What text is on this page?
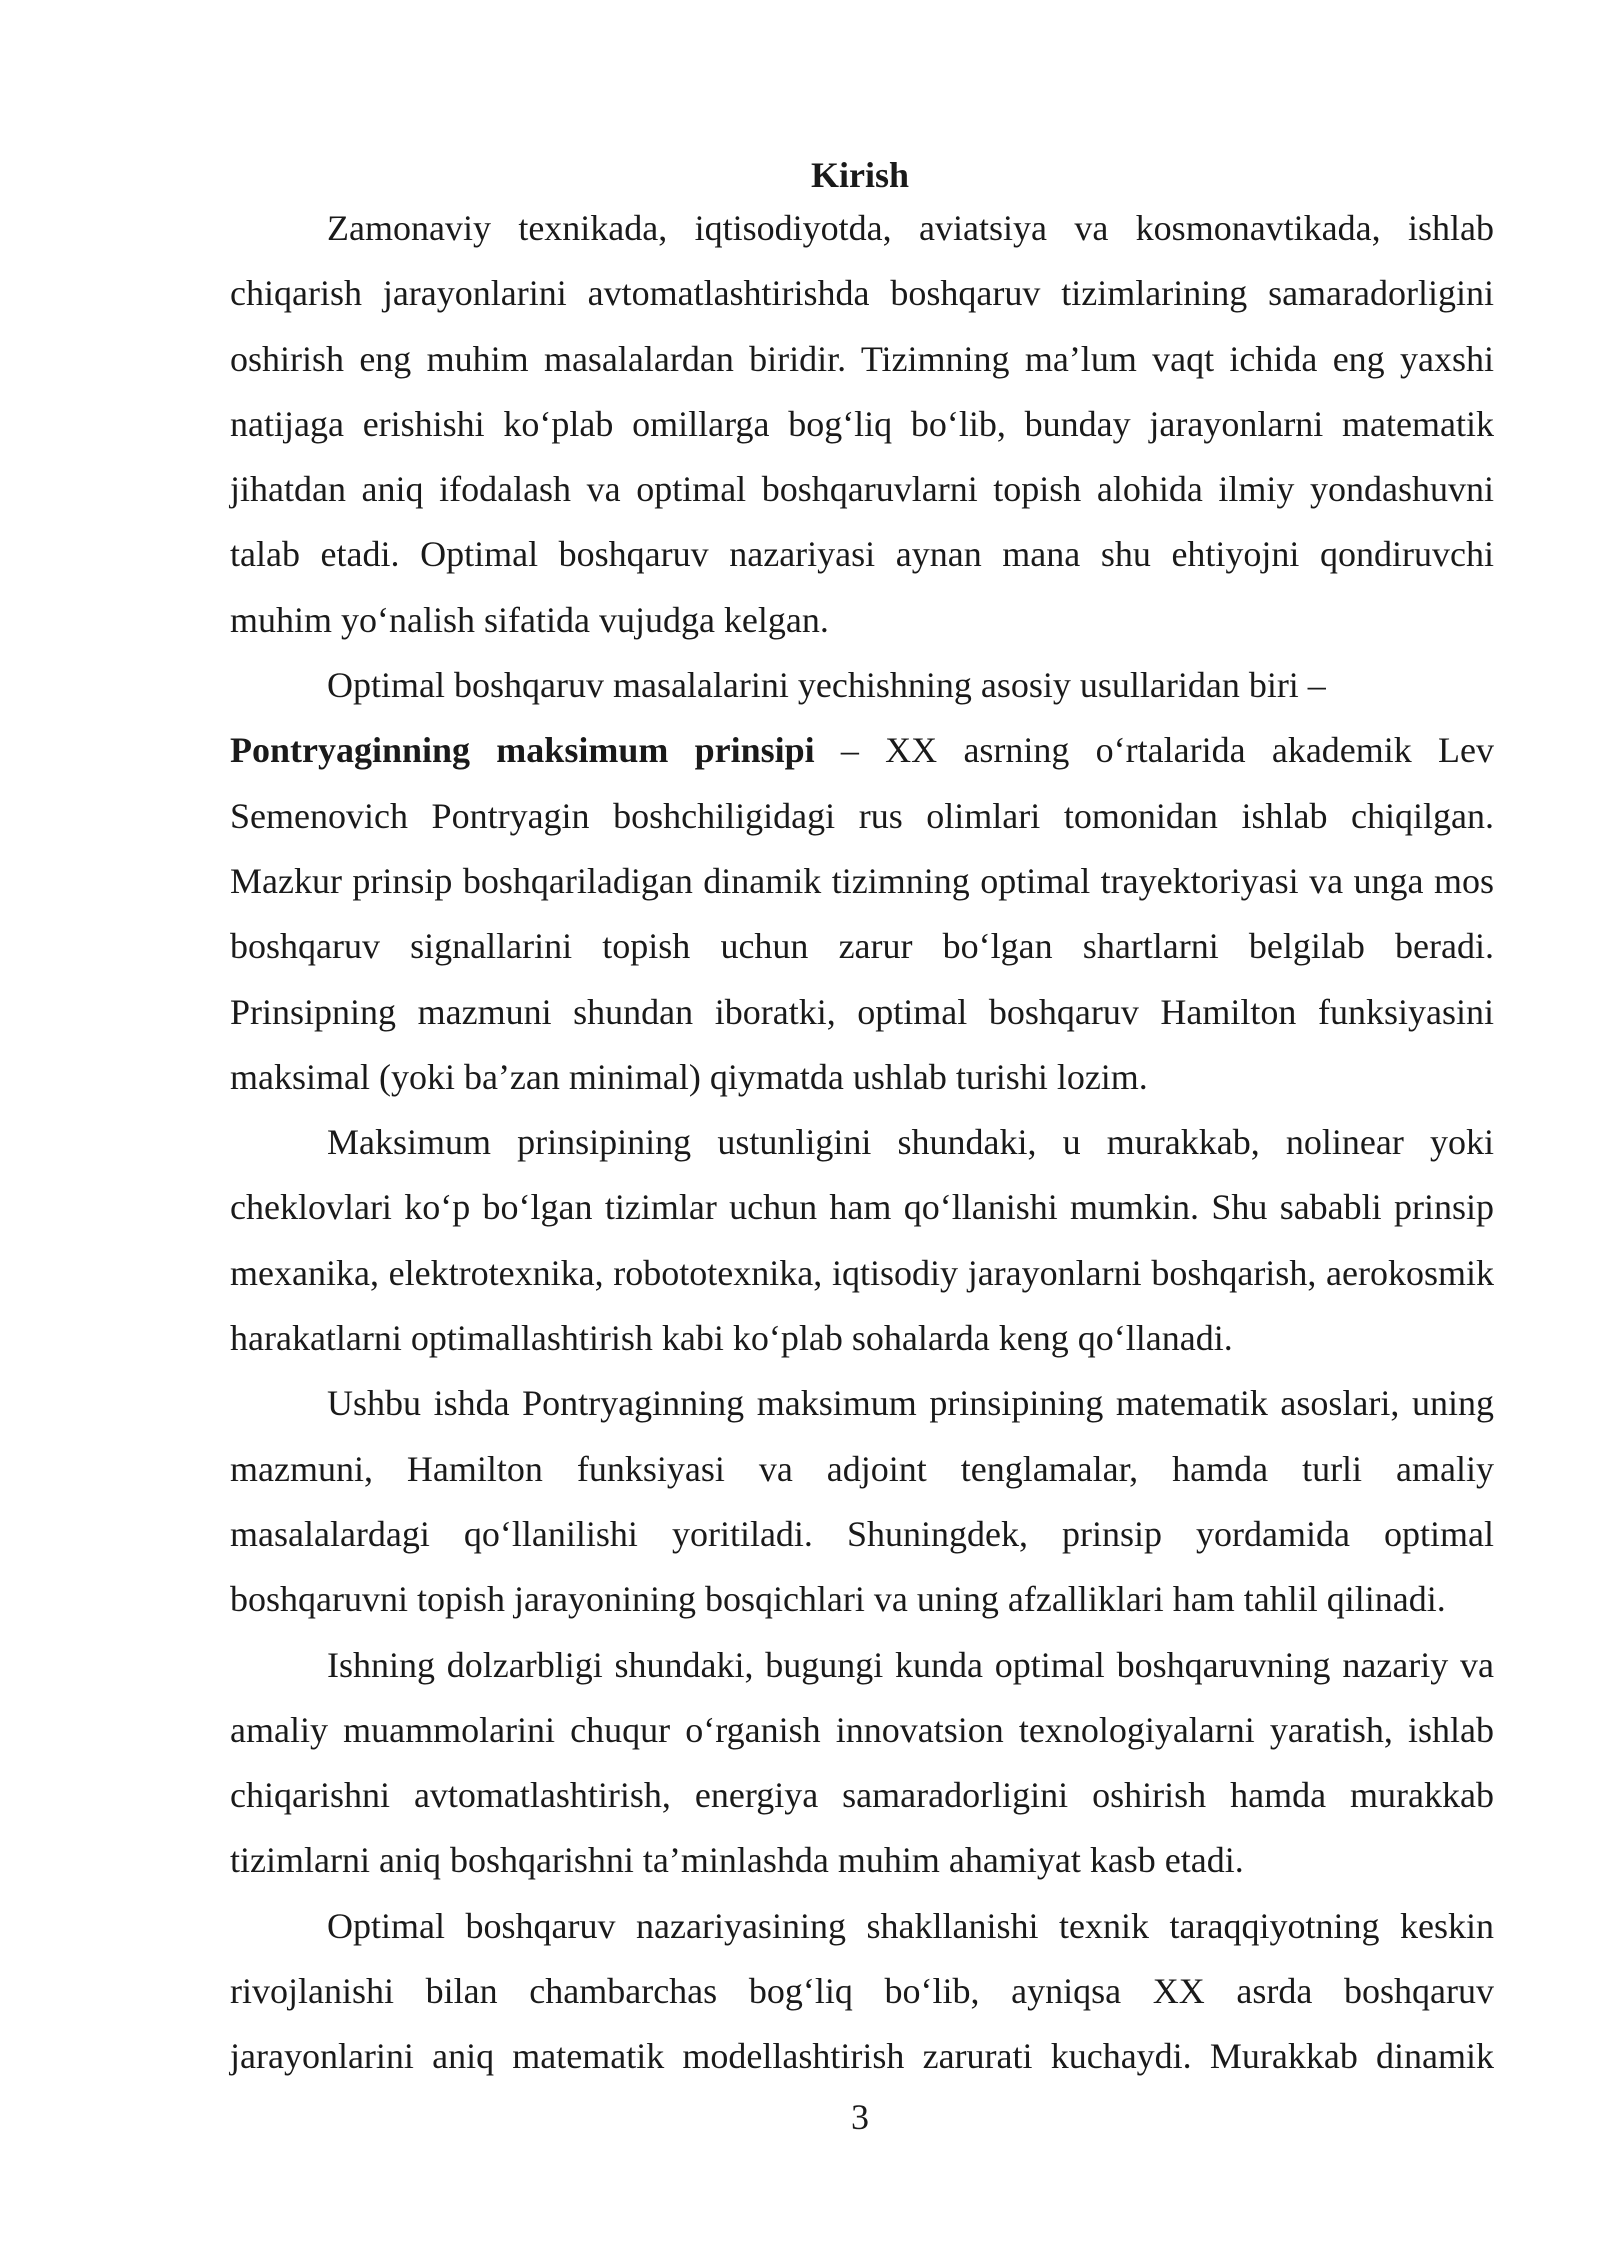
Kirish

Zamonaviy texnikada, iqtisodiyotda, aviatsiya va kosmonavtikada, ishlab chiqarish jarayonlarini avtomatlashtirishda boshqaruv tizimlarining samaradorligini oshirish eng muhim masalalardan biridir. Tizimning ma’lum vaqt ichida eng yaxshi natijaga erishishi ko‘plab omillarga bog‘liq bo‘lib, bunday jarayonlarni matematik jihatdan aniq ifodalash va optimal boshqaruvlarni topish alohida ilmiy yondashuvni talab etadi. Optimal boshqaruv nazariyasi aynan mana shu ehtiyojni qondiruvchi muhim yo‘nalish sifatida vujudga kelgan.

Optimal boshqaruv masalalarini yechishning asosiy usullaridan biri –
Pontryaginning maksimum prinsipi – XX asrning o‘rtalarida akademik Lev Semenovich Pontryagin boshchiligidagi rus olimlari tomonidan ishlab chiqilgan. Mazkur prinsip boshqariladigan dinamik tizimning optimal trayektoriyasi va unga mos boshqaruv signallarini topish uchun zarur bo‘lgan shartlarni belgilab beradi. Prinsipning mazmuni shundan iboratki, optimal boshqaruv Hamilton funksiyasini maksimal (yoki ba’zan minimal) qiymatda ushlab turishi lozim.

Maksimum prinsipining ustunligini shundaki, u murakkab, nolinear yoki cheklovlari ko‘p bo‘lgan tizimlar uchun ham qo‘llanishi mumkin. Shu sababli prinsip mexanika, elektrotexnika, robototexnika, iqtisodiy jarayonlarni boshqarish, aerokosmik harakatlarni optimallashtirish kabi ko‘plab sohalarda keng qo‘llanadi.

Ushbu ishda Pontryaginning maksimum prinsipining matematik asoslari, uning mazmuni, Hamilton funksiyasi va adjoint tenglamalar, hamda turli amaliy masalalardagi qo‘llanilishi yoritiladi. Shuningdek, prinsip yordamida optimal boshqaruvni topish jarayonining bosqichlari va uning afzalliklari ham tahlil qilinadi.

Ishning dolzarbligi shundaki, bugungi kunda optimal boshqaruvning nazariy va amaliy muammolarini chuqur o‘rganish innovatsion texnologiyalarni yaratish, ishlab chiqarishni avtomatlashtirish, energiya samaradorligini oshirish hamda murakkab tizimlarni aniq boshqarishni ta’minlashda muhim ahamiyat kasb etadi.

Optimal boshqaruv nazariyasining shakllanishi texnik taraqqiyotning keskin rivojlanishi bilan chambarchas bog‘liq bo‘lib, ayniqsa XX asrda boshqaruv jarayonlarini aniq matematik modellashtirish zarurati kuchaydi. Murakkab dinamik

3
